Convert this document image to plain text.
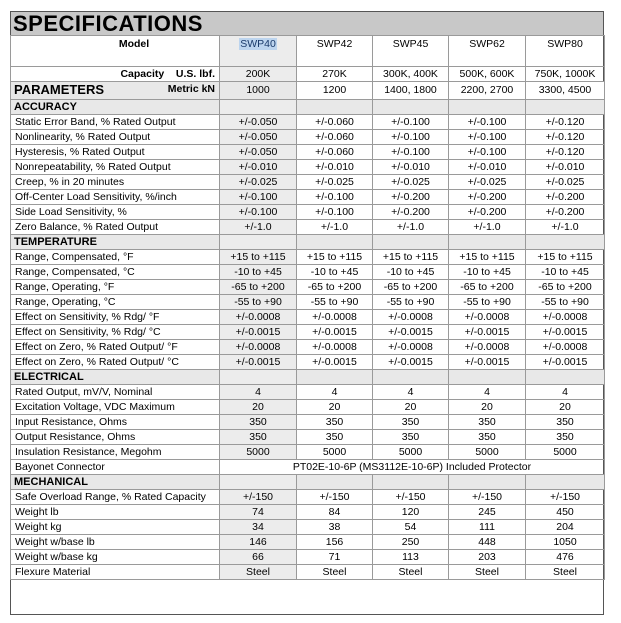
SPECIFICATIONS
Model	SWP40	SWP42	SWP45	SWP62	SWP80
Capacity U.S. lbf.	200K	270K	300K, 400K	500K, 600K	750K, 1000K
PARAMETERS Metric kN	1000	1200	1400, 1800	2200, 2700	3300, 4500
ACCURACY					
Static Error Band, % Rated Output	+/-0.050	+/-0.060	+/-0.100	+/-0.100	+/-0.120
Nonlinearity, % Rated Output	+/-0.050	+/-0.060	+/-0.100	+/-0.100	+/-0.120
Hysteresis, % Rated Output	+/-0.050	+/-0.060	+/-0.100	+/-0.100	+/-0.120
Nonrepeatability, % Rated Output	+/-0.010	+/-0.010	+/-0.010	+/-0.010	+/-0.010
Creep, % in 20 minutes	+/-0.025	+/-0.025	+/-0.025	+/-0.025	+/-0.025
Off-Center Load Sensitivity, %/inch	+/-0.100	+/-0.100	+/-0.200	+/-0.200	+/-0.200
Side Load Sensitivity, %	+/-0.100	+/-0.100	+/-0.200	+/-0.200	+/-0.200
Zero Balance, % Rated Output	+/-1.0	+/-1.0	+/-1.0	+/-1.0	+/-1.0
TEMPERATURE					
Range, Compensated, °F	+15 to +115	+15 to +115	+15 to +115	+15 to +115	+15 to +115
Range, Compensated, °C	-10 to +45	-10 to +45	-10 to +45	-10 to +45	-10 to +45
Range, Operating, °F	-65 to +200	-65 to +200	-65 to +200	-65 to +200	-65 to +200
Range, Operating, °C	-55 to +90	-55 to +90	-55 to +90	-55 to +90	-55 to +90
Effect on Sensitivity, % Rdg/ °F	+/-0.0008	+/-0.0008	+/-0.0008	+/-0.0008	+/-0.0008
Effect on Sensitivity, % Rdg/ °C	+/-0.0015	+/-0.0015	+/-0.0015	+/-0.0015	+/-0.0015
Effect on Zero, % Rated Output/ °F	+/-0.0008	+/-0.0008	+/-0.0008	+/-0.0008	+/-0.0008
Effect on Zero, % Rated Output/ °C	+/-0.0015	+/-0.0015	+/-0.0015	+/-0.0015	+/-0.0015
ELECTRICAL					
Rated Output, mV/V, Nominal	4	4	4	4	4
Excitation Voltage, VDC Maximum	20	20	20	20	20
Input Resistance, Ohms	350	350	350	350	350
Output Resistance, Ohms	350	350	350	350	350
Insulation Resistance, Megohm	5000	5000	5000	5000	5000
Bayonet Connector	PT02E-10-6P (MS3112E-10-6P) Included Protector				
MECHANICAL					
Safe Overload Range, % Rated Capacity	+/-150	+/-150	+/-150	+/-150	+/-150
Weight lb	74	84	120	245	450
Weight kg	34	38	54	111	204
Weight w/base lb	146	156	250	448	1050
Weight w/base kg	66	71	113	203	476
Flexure Material	Steel	Steel	Steel	Steel	Steel
